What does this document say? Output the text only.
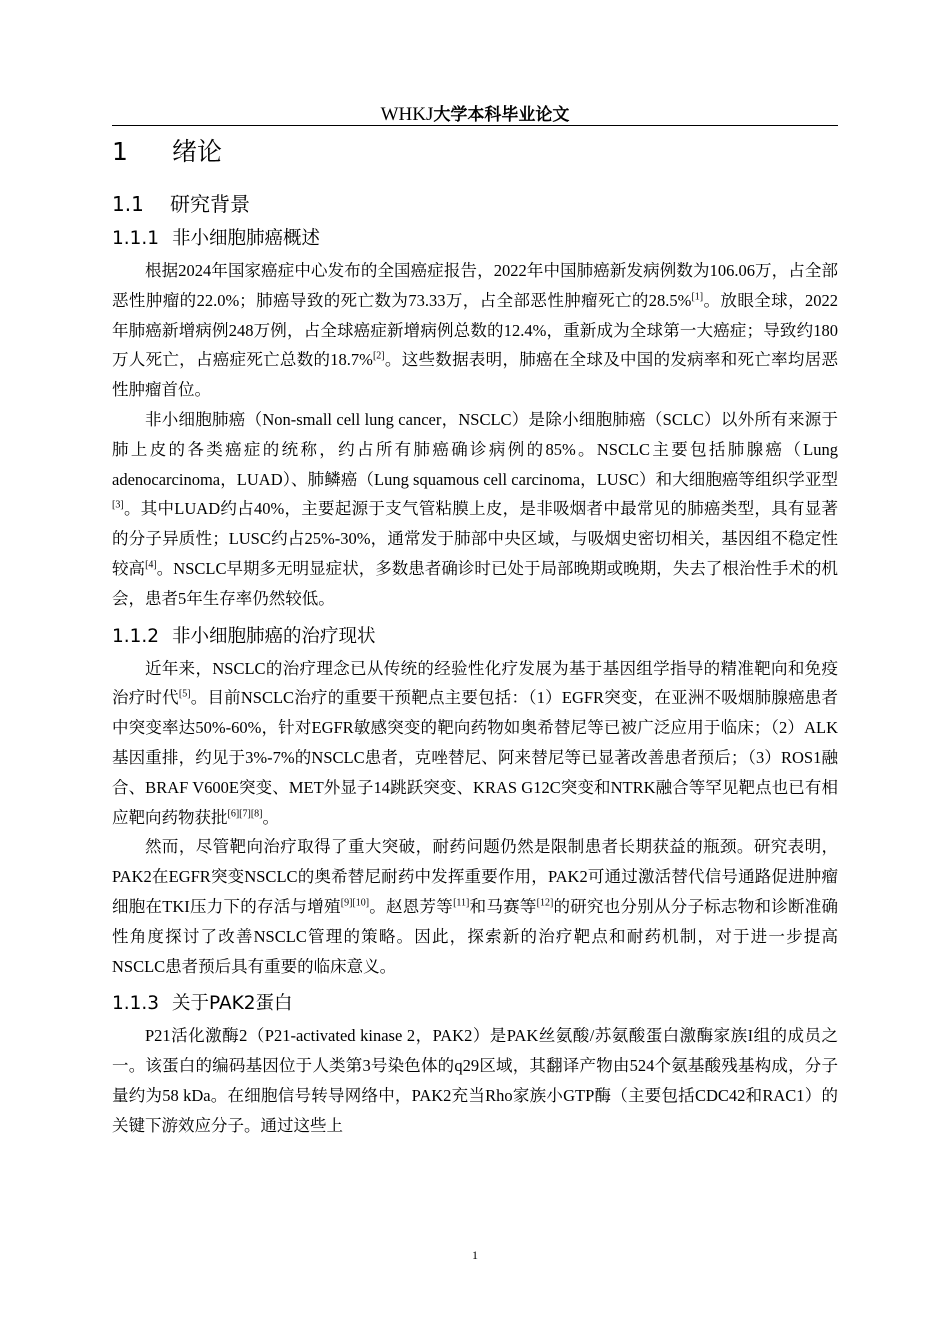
WHKJ大学本科毕业论文
1 绪论
1.1 研究背景
1.1.1 非小细胞肺癌概述

根据2024年国家癌症中心发布的全国癌症报告，2022年中国肺癌新发病例数为106.06万，占全部恶性肿瘤的22.0%；肺癌导致的死亡数为73.33万，占全部恶性肿瘤死亡的28.5%[1]。放眼全球，2022年肺癌新增病例248万例，占全球癌症新增病例总数的12.4%，重新成为全球第一大癌症；导致约180万人死亡，占癌症死亡总数的18.7%[2]。这些数据表明，肺癌在全球及中国的发病率和死亡率均居恶性肿瘤首位。

非小细胞肺癌（Non-small cell lung cancer，NSCLC）是除小细胞肺癌（SCLC）以外所有来源于肺上皮的各类癌症的统称，约占所有肺癌确诊病例的85%。NSCLC主要包括肺腺癌（Lung adenocarcinoma，LUAD）、肺鳞癌（Lung squamous cell carcinoma，LUSC）和大细胞癌等组织学亚型[3]。其中LUAD约占40%，主要起源于支气管粘膜上皮，是非吸烟者中最常见的肺癌类型，具有显著的分子异质性；LUSC约占25%-30%，通常发于肺部中央区域，与吸烟史密切相关，基因组不稳定性较高[4]。NSCLC早期多无明显症状，多数患者确诊时已处于局部晚期或晚期，失去了根治性手术的机会，患者5年生存率仍然较低。

1.1.2 非小细胞肺癌的治疗现状

近年来，NSCLC的治疗理念已从传统的经验性化疗发展为基于基因组学指导的精准靶向和免疫治疗时代[5]。目前NSCLC治疗的重要干预靶点主要包括：（1）EGFR突变，在亚洲不吸烟肺腺癌患者中突变率达50%-60%，针对EGFR敏感突变的靶向药物如奥希替尼等已被广泛应用于临床；（2）ALK基因重排，约见于3%-7%的NSCLC患者，克唑替尼、阿来替尼等已显著改善患者预后；（3）ROS1融合、BRAF V600E突变、MET外显子14跳跃突变、KRAS G12C突变和NTRK融合等罕见靶点也已有相应靶向药物获批[6][7][8]。

然而，尽管靶向治疗取得了重大突破，耐药问题仍然是限制患者长期获益的瓶颈。研究表明，PAK2在EGFR突变NSCLC的奥希替尼耐药中发挥重要作用，PAK2可通过激活替代信号通路促进肿瘤细胞在TKI压力下的存活与增殖[9][10]。赵恩芳等[11]和马赛等[12]的研究也分别从分子标志物和诊断准确性角度探讨了改善NSCLC管理的策略。因此，探索新的治疗靶点和耐药机制，对于进一步提高NSCLC患者预后具有重要的临床意义。

1.1.3 关于PAK2蛋白

P21活化激酶2（P21-activated kinase 2，PAK2）是PAK丝氨酸/苏氨酸蛋白激酶家族I组的成员之一。该蛋白的编码基因位于人类第3号染色体的q29区域，其翻译产物由524个氨基酸残基构成，分子量约为58 kDa。在细胞信号转导网络中，PAK2充当Rho家族小GTP酶（主要包括CDC42和RAC1）的关键下游效应分子。通过这些上

1
